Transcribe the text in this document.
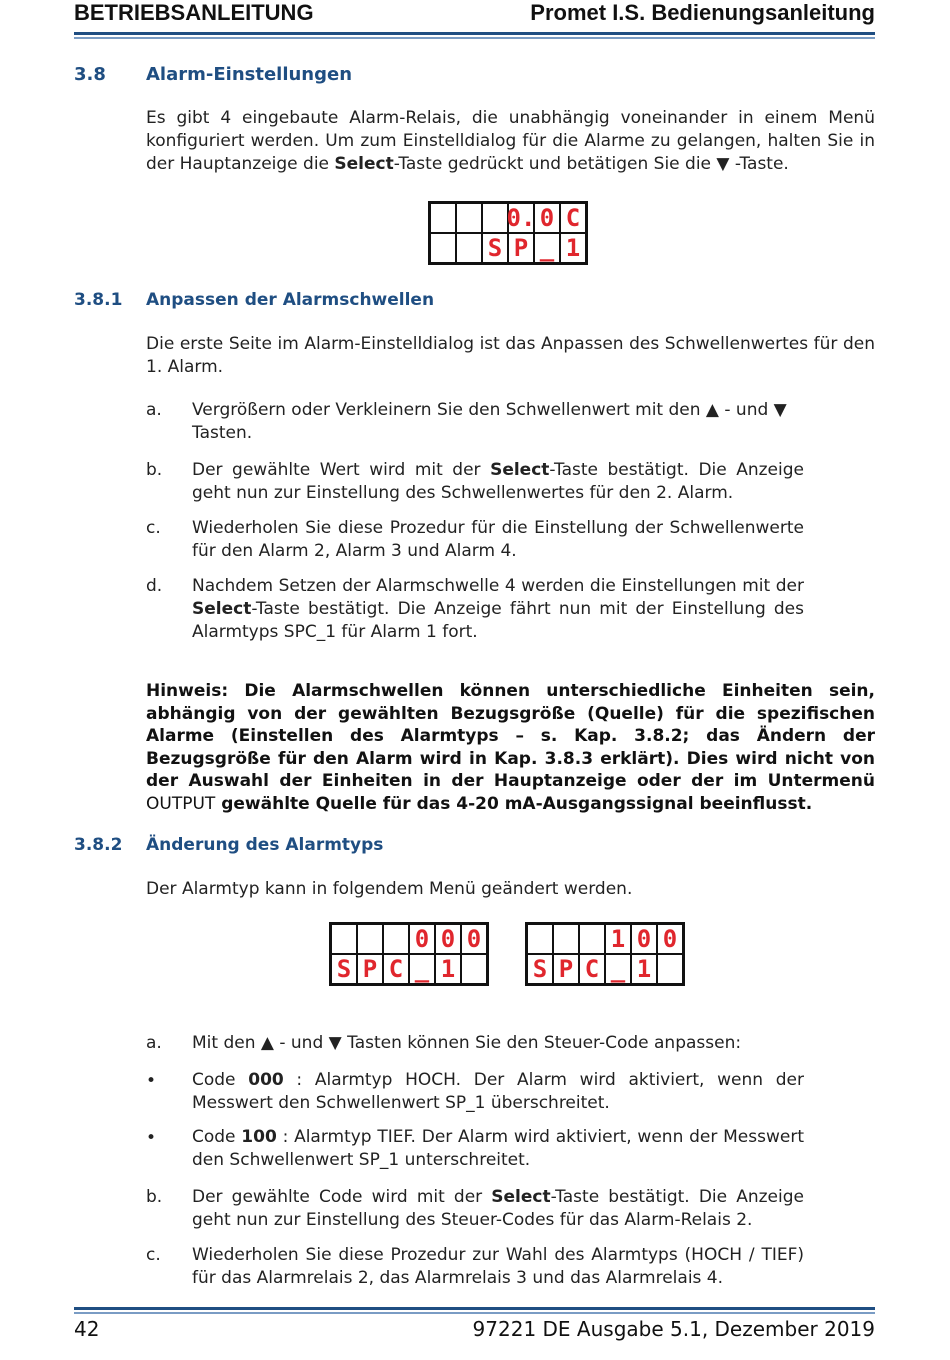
BETRIEBSANLEITUNG	Promet I.S. Bedienungsanleitung
3.8 Alarm-Einstellungen
Es gibt 4 eingebaute Alarm-Relais, die unabhängig voneinander in einem Menü konfiguriert werden. Um zum Einstelldialog für die Alarme zu gelangen, halten Sie in der Hauptanzeige die Select-Taste gedrückt und betätigen Sie die ▼ -Taste.
0. 0 C
S P _ 1
3.8.1 Anpassen der Alarmschwellen
Die erste Seite im Alarm-Einstelldialog ist das Anpassen des Schwellenwertes für den 1. Alarm.
a. Vergrößern oder Verkleinern Sie den Schwellenwert mit den ▲ - und ▼ Tasten.
b. Der gewählte Wert wird mit der Select-Taste bestätigt. Die Anzeige geht nun zur Einstellung des Schwellenwertes für den 2. Alarm.
c. Wiederholen Sie diese Prozedur für die Einstellung der Schwellenwerte für den Alarm 2, Alarm 3 und Alarm 4.
d. Nachdem Setzen der Alarmschwelle 4 werden die Einstellungen mit der Select-Taste bestätigt. Die Anzeige fährt nun mit der Einstellung des Alarmtyps SPC_1 für Alarm 1 fort.
Hinweis: Die Alarmschwellen können unterschiedliche Einheiten sein, abhängig von der gewählten Bezugsgröße (Quelle) für die spezifischen Alarme (Einstellen des Alarmtyps – s. Kap. 3.8.2; das Ändern der Bezugsgröße für den Alarm wird in Kap. 3.8.3 erklärt). Dies wird nicht von der Auswahl der Einheiten in der Hauptanzeige oder der im Untermenü OUTPUT gewählte Quelle für das 4-20 mA-Ausgangssignal beeinflusst.
3.8.2 Änderung des Alarmtyps
Der Alarmtyp kann in folgendem Menü geändert werden.
0 0 0
S P C _ 1
1 0 0
S P C _ 1
a. Mit den ▲ - und ▼ Tasten können Sie den Steuer-Code anpassen:
• Code 000 : Alarmtyp HOCH. Der Alarm wird aktiviert, wenn der Messwert den Schwellenwert SP_1 überschreitet.
• Code 100 : Alarmtyp TIEF. Der Alarm wird aktiviert, wenn der Messwert den Schwellenwert SP_1 unterschreitet.
b. Der gewählte Code wird mit der Select-Taste bestätigt. Die Anzeige geht nun zur Einstellung des Steuer-Codes für das Alarm-Relais 2.
c. Wiederholen Sie diese Prozedur zur Wahl des Alarmtyps (HOCH / TIEF) für das Alarmrelais 2, das Alarmrelais 3 und das Alarmrelais 4.
42	97221 DE Ausgabe 5.1, Dezember 2019
